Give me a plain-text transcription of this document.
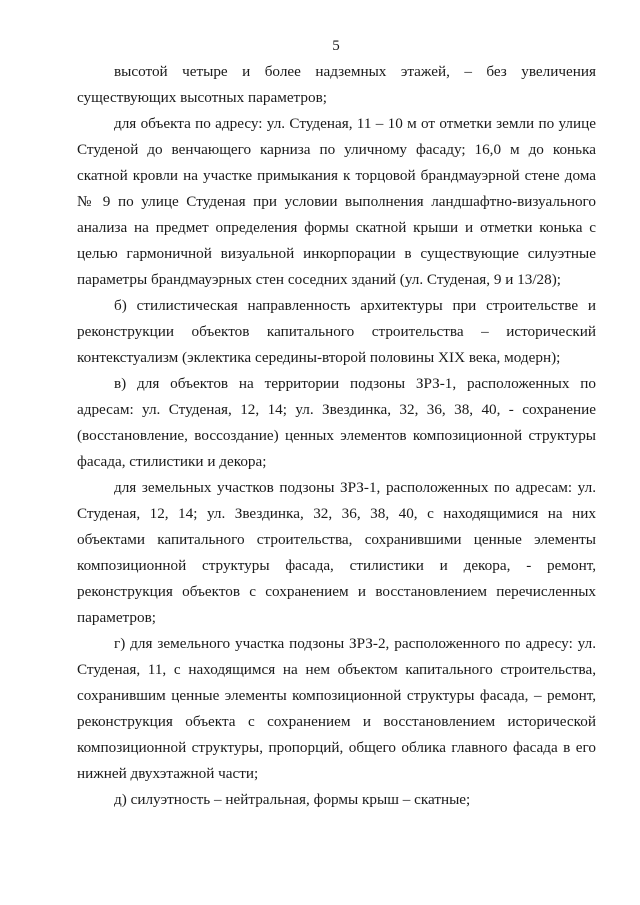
5

высотой четыре и более надземных этажей, – без увеличения существующих высотных параметров;

для объекта по адресу: ул. Студеная, 11 – 10 м от отметки земли по улице Студеной до венчающего карниза по уличному фасаду; 16,0 м до конька скатной кровли на участке примыкания к торцовой брандмауэрной стене дома № 9 по улице Студеная при условии выполнения ландшафтно-визуального анализа на предмет определения формы скатной крыши и отметки конька с целью гармоничной визуальной инкорпорации в существующие силуэтные параметры брандмауэрных стен соседних зданий (ул. Студеная, 9 и 13/28);

б) стилистическая направленность архитектуры при строительстве и реконструкции объектов капитального строительства – исторический контекстуализм (эклектика середины-второй половины XIX века, модерн);

в) для объектов на территории подзоны ЗРЗ-1, расположенных по адресам: ул. Студеная, 12, 14; ул. Звездинка, 32, 36, 38, 40, - сохранение (восстановление, воссоздание) ценных элементов композиционной структуры фасада, стилистики и декора;

для земельных участков подзоны ЗРЗ-1, расположенных по адресам: ул. Студеная, 12, 14; ул. Звездинка, 32, 36, 38, 40, с находящимися на них объектами капитального строительства, сохранившими ценные элементы композиционной структуры фасада, стилистики и декора, - ремонт, реконструкция объектов с сохранением и восстановлением перечисленных параметров;

г) для земельного участка подзоны ЗРЗ-2, расположенного по адресу: ул. Студеная, 11, с находящимся на нем объектом капитального строительства, сохранившим ценные элементы композиционной структуры фасада, – ремонт, реконструкция объекта с сохранением и восстановлением исторической композиционной структуры, пропорций, общего облика главного фасада в его нижней двухэтажной части;

д) силуэтность – нейтральная, формы крыш – скатные;
